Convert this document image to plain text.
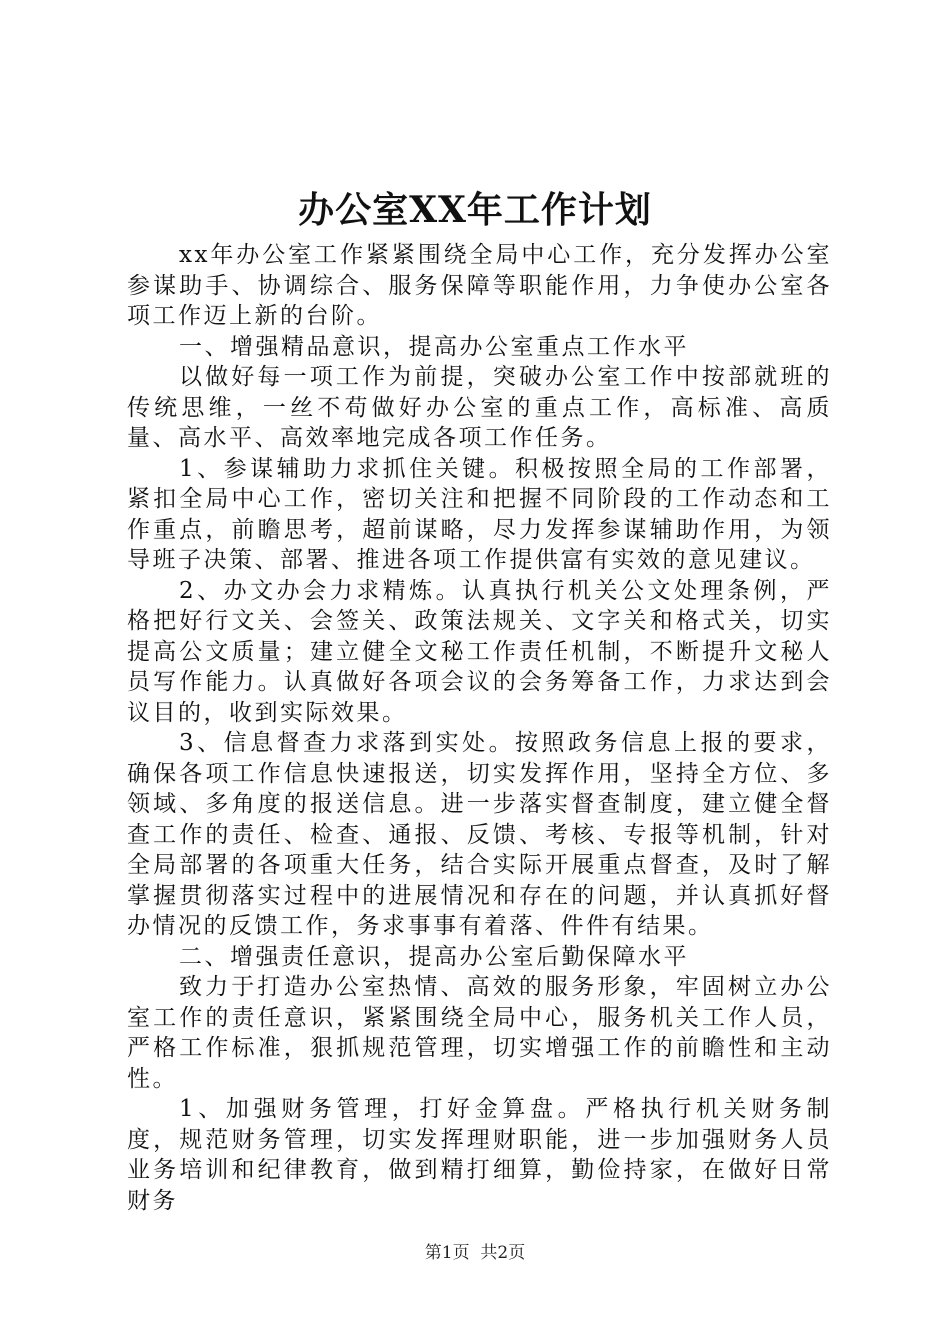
办公室XX年工作计划

xx年办公室工作紧紧围绕全局中心工作，充分发挥办公室参谋助手、协调综合、服务保障等职能作用，力争使办公室各项工作迈上新的台阶。

一、增强精品意识，提高办公室重点工作水平

以做好每一项工作为前提，突破办公室工作中按部就班的传统思维，一丝不苟做好办公室的重点工作，高标准、高质量、高水平、高效率地完成各项工作任务。

1、参谋辅助力求抓住关键。积极按照全局的工作部署，紧扣全局中心工作，密切关注和把握不同阶段的工作动态和工作重点，前瞻思考，超前谋略，尽力发挥参谋辅助作用，为领导班子决策、部署、推进各项工作提供富有实效的意见建议。

2、办文办会力求精炼。认真执行机关公文处理条例，严格把好行文关、会签关、政策法规关、文字关和格式关，切实提高公文质量；建立健全文秘工作责任机制，不断提升文秘人员写作能力。认真做好各项会议的会务筹备工作，力求达到会议目的，收到实际效果。

3、信息督查力求落到实处。按照政务信息上报的要求，确保各项工作信息快速报送，切实发挥作用，坚持全方位、多领域、多角度的报送信息。进一步落实督查制度，建立健全督查工作的责任、检查、通报、反馈、考核、专报等机制，针对全局部署的各项重大任务，结合实际开展重点督查，及时了解掌握贯彻落实过程中的进展情况和存在的问题，并认真抓好督办情况的反馈工作，务求事事有着落、件件有结果。

二、增强责任意识，提高办公室后勤保障水平

致力于打造办公室热情、高效的服务形象，牢固树立办公室工作的责任意识，紧紧围绕全局中心，服务机关工作人员，严格工作标准，狠抓规范管理，切实增强工作的前瞻性和主动性。

1、加强财务管理，打好金算盘。严格执行机关财务制度，规范财务管理，切实发挥理财职能，进一步加强财务人员业务培训和纪律教育，做到精打细算，勤俭持家，在做好日常财务

第1页 共2页
